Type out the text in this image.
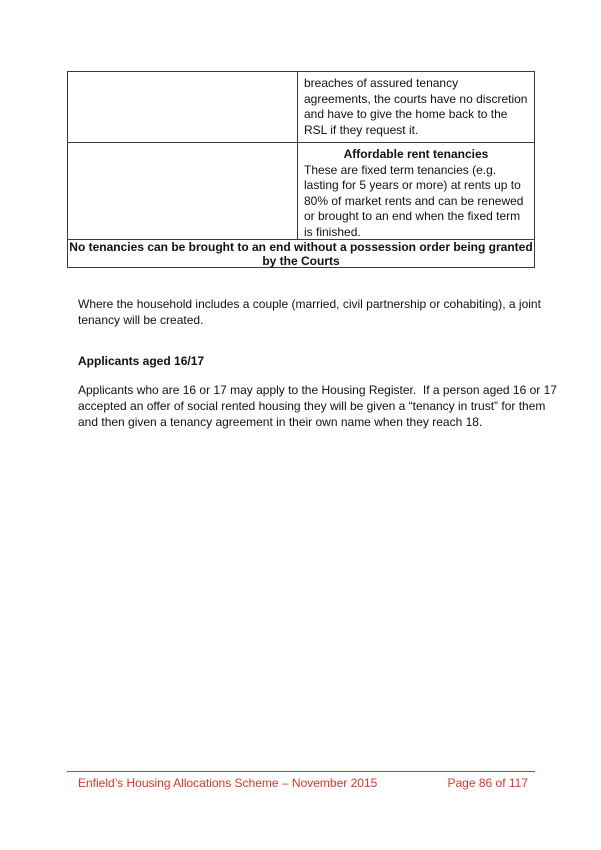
breaches of assured tenancy agreements, the courts have no discretion and have to give the home back to the RSL if they request it.
Affordable rent tenancies
These are fixed term tenancies (e.g. lasting for 5 years or more) at rents up to 80% of market rents and can be renewed or brought to an end when the fixed term is finished.
No tenancies can be brought to an end without a possession order being granted by the Courts
Where the household includes a couple (married, civil partnership or cohabiting), a joint tenancy will be created.
Applicants aged 16/17
Applicants who are 16 or 17 may apply to the Housing Register.  If a person aged 16 or 17 accepted an offer of social rented housing they will be given a “tenancy in trust” for them and then given a tenancy agreement in their own name when they reach 18.
Enfield’s Housing Allocations Scheme – November 2015	Page 86 of 117
